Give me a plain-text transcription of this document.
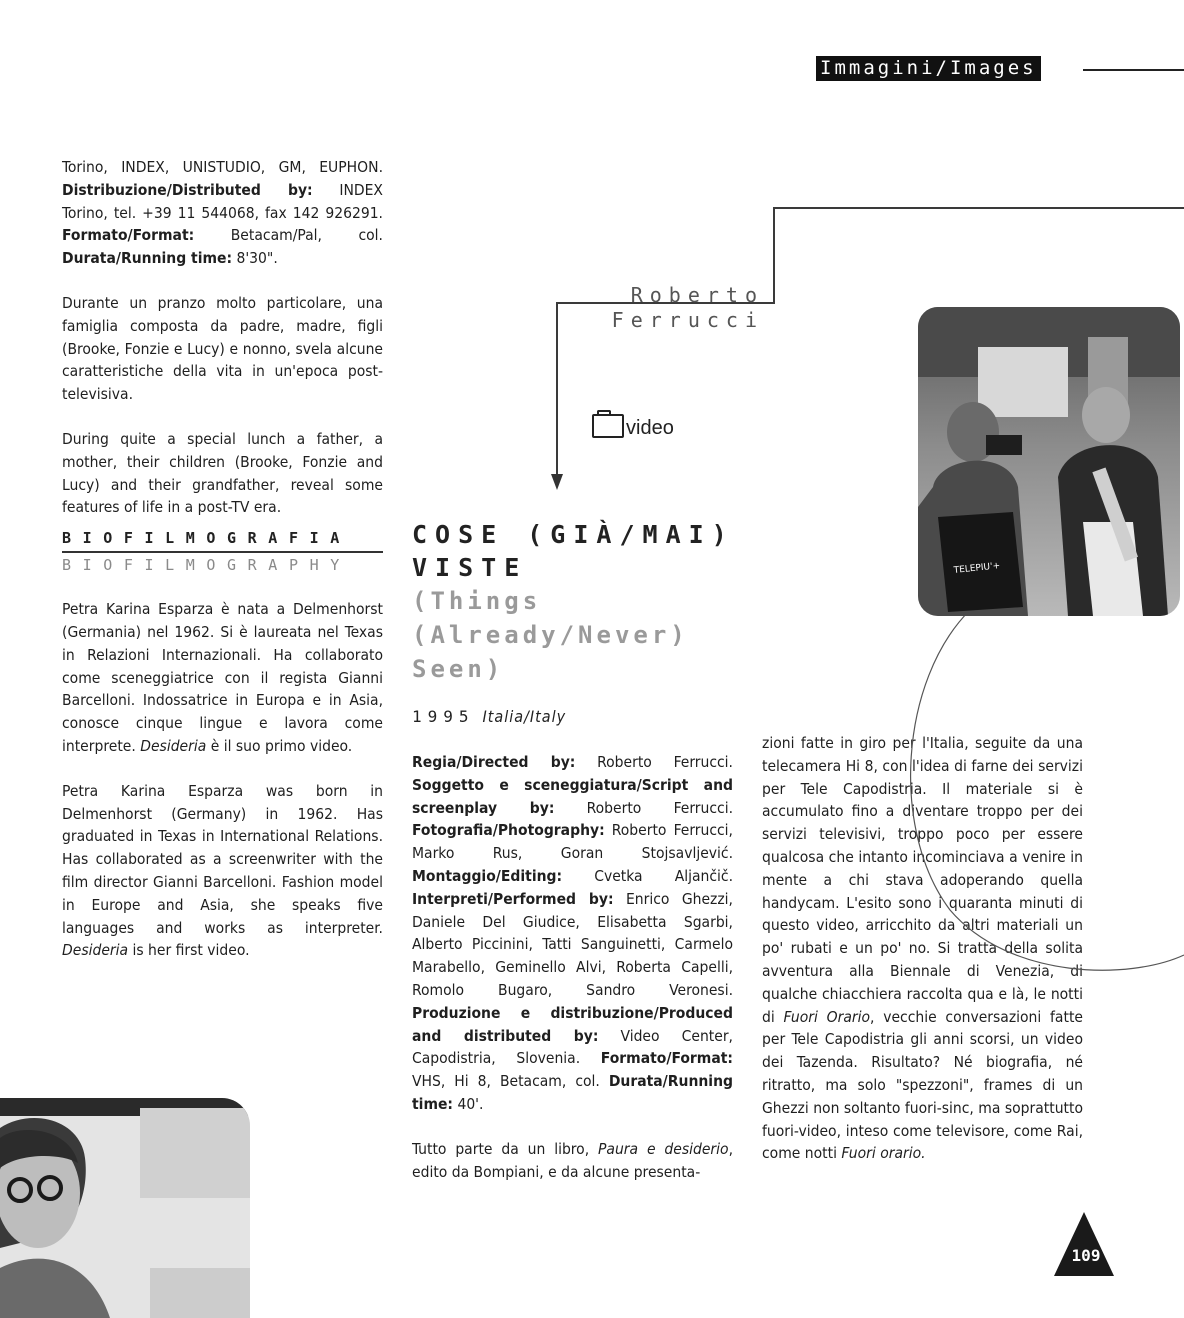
Immagini/Images

Torino, INDEX, UNISTUDIO, GM, EUPHON. Distribuzione/Distributed by: INDEX Torino, tel. +39 11 544068, fax 142 926291. Formato/Format: Betacam/Pal, col. Durata/Running time: 8'30".

Durante un pranzo molto particolare, una famiglia composta da padre, madre, figli (Brooke, Fonzie e Lucy) e nonno, svela alcune caratteristiche della vita in un'epoca post-televisiva.

During quite a special lunch a father, a mother, their children (Brooke, Fonzie and Lucy) and their grandfather, reveal some features of life in a post-TV era.

BIOFILMOGRAFIA
BIOFILMOGRAPHY

Petra Karina Esparza è nata a Delmenhorst (Germania) nel 1962. Si è laureata nel Texas in Relazioni Internazionali. Ha collaborato come sceneggiatrice con il regista Gianni Barcelloni. Indossatrice in Europa e in Asia, conosce cinque lingue e lavora come interprete. Desideria è il suo primo video.

Petra Karina Esparza was born in Delmenhorst (Germany) in 1962. Has graduated in Texas in International Relations. Has collaborated as a screenwriter with the film director Gianni Barcelloni. Fashion model in Europe and Asia, she speaks five languages and works as interpreter. Desideria is her first video.

Roberto
Ferrucci
video
COSE (GIÀ/MAI)
VISTE
(Things
(Already/Never)
Seen)
1995 Italia/Italy

Regia/Directed by: Roberto Ferrucci. Soggetto e sceneggiatura/Script and screenplay by: Roberto Ferrucci. Fotografia/Photography: Roberto Ferrucci, Marko Rus, Goran Stojsavljević. Montaggio/Editing: Cvetka Aljančič. Interpreti/Performed by: Enrico Ghezzi, Daniele Del Giudice, Elisabetta Sgarbi, Alberto Piccinini, Tatti Sanguinetti, Carmelo Marabello, Geminello Alvi, Roberta Capelli, Romolo Bugaro, Sandro Veronesi. Produzione e distribuzione/Produced and distributed by: Video Center, Capodistria, Slovenia. Formato/Format: VHS, Hi 8, Betacam, col. Durata/Running time: 40'.

Tutto parte da un libro, Paura e desiderio, edito da Bompiani, e da alcune presenta-

zioni fatte in giro per l'Italia, seguite da una telecamera Hi 8, con l'idea di farne dei servizi per Tele Capodistria. Il materiale si è accumulato fino a diventare troppo per dei servizi televisivi, troppo poco per essere qualcosa che intanto incominciava a venire in mente a chi stava adoperando quella handycam. L'esito sono i quaranta minuti di questo video, arricchito da altri materiali un po' rubati e un po' no. Si tratta della solita avventura alla Biennale di Venezia, di qualche chiacchiera raccolta qua e là, le notti di Fuori Orario, vecchie conversazioni fatte per Tele Capodistria gli anni scorsi, un video dei Tazenda. Risultato? Né biografia, né ritratto, ma solo "spezzoni", frames di un Ghezzi non soltanto fuori-sinc, ma soprattutto fuori-video, inteso come televisore, come Rai, come notti Fuori orario.

TELEPIU'+
109
